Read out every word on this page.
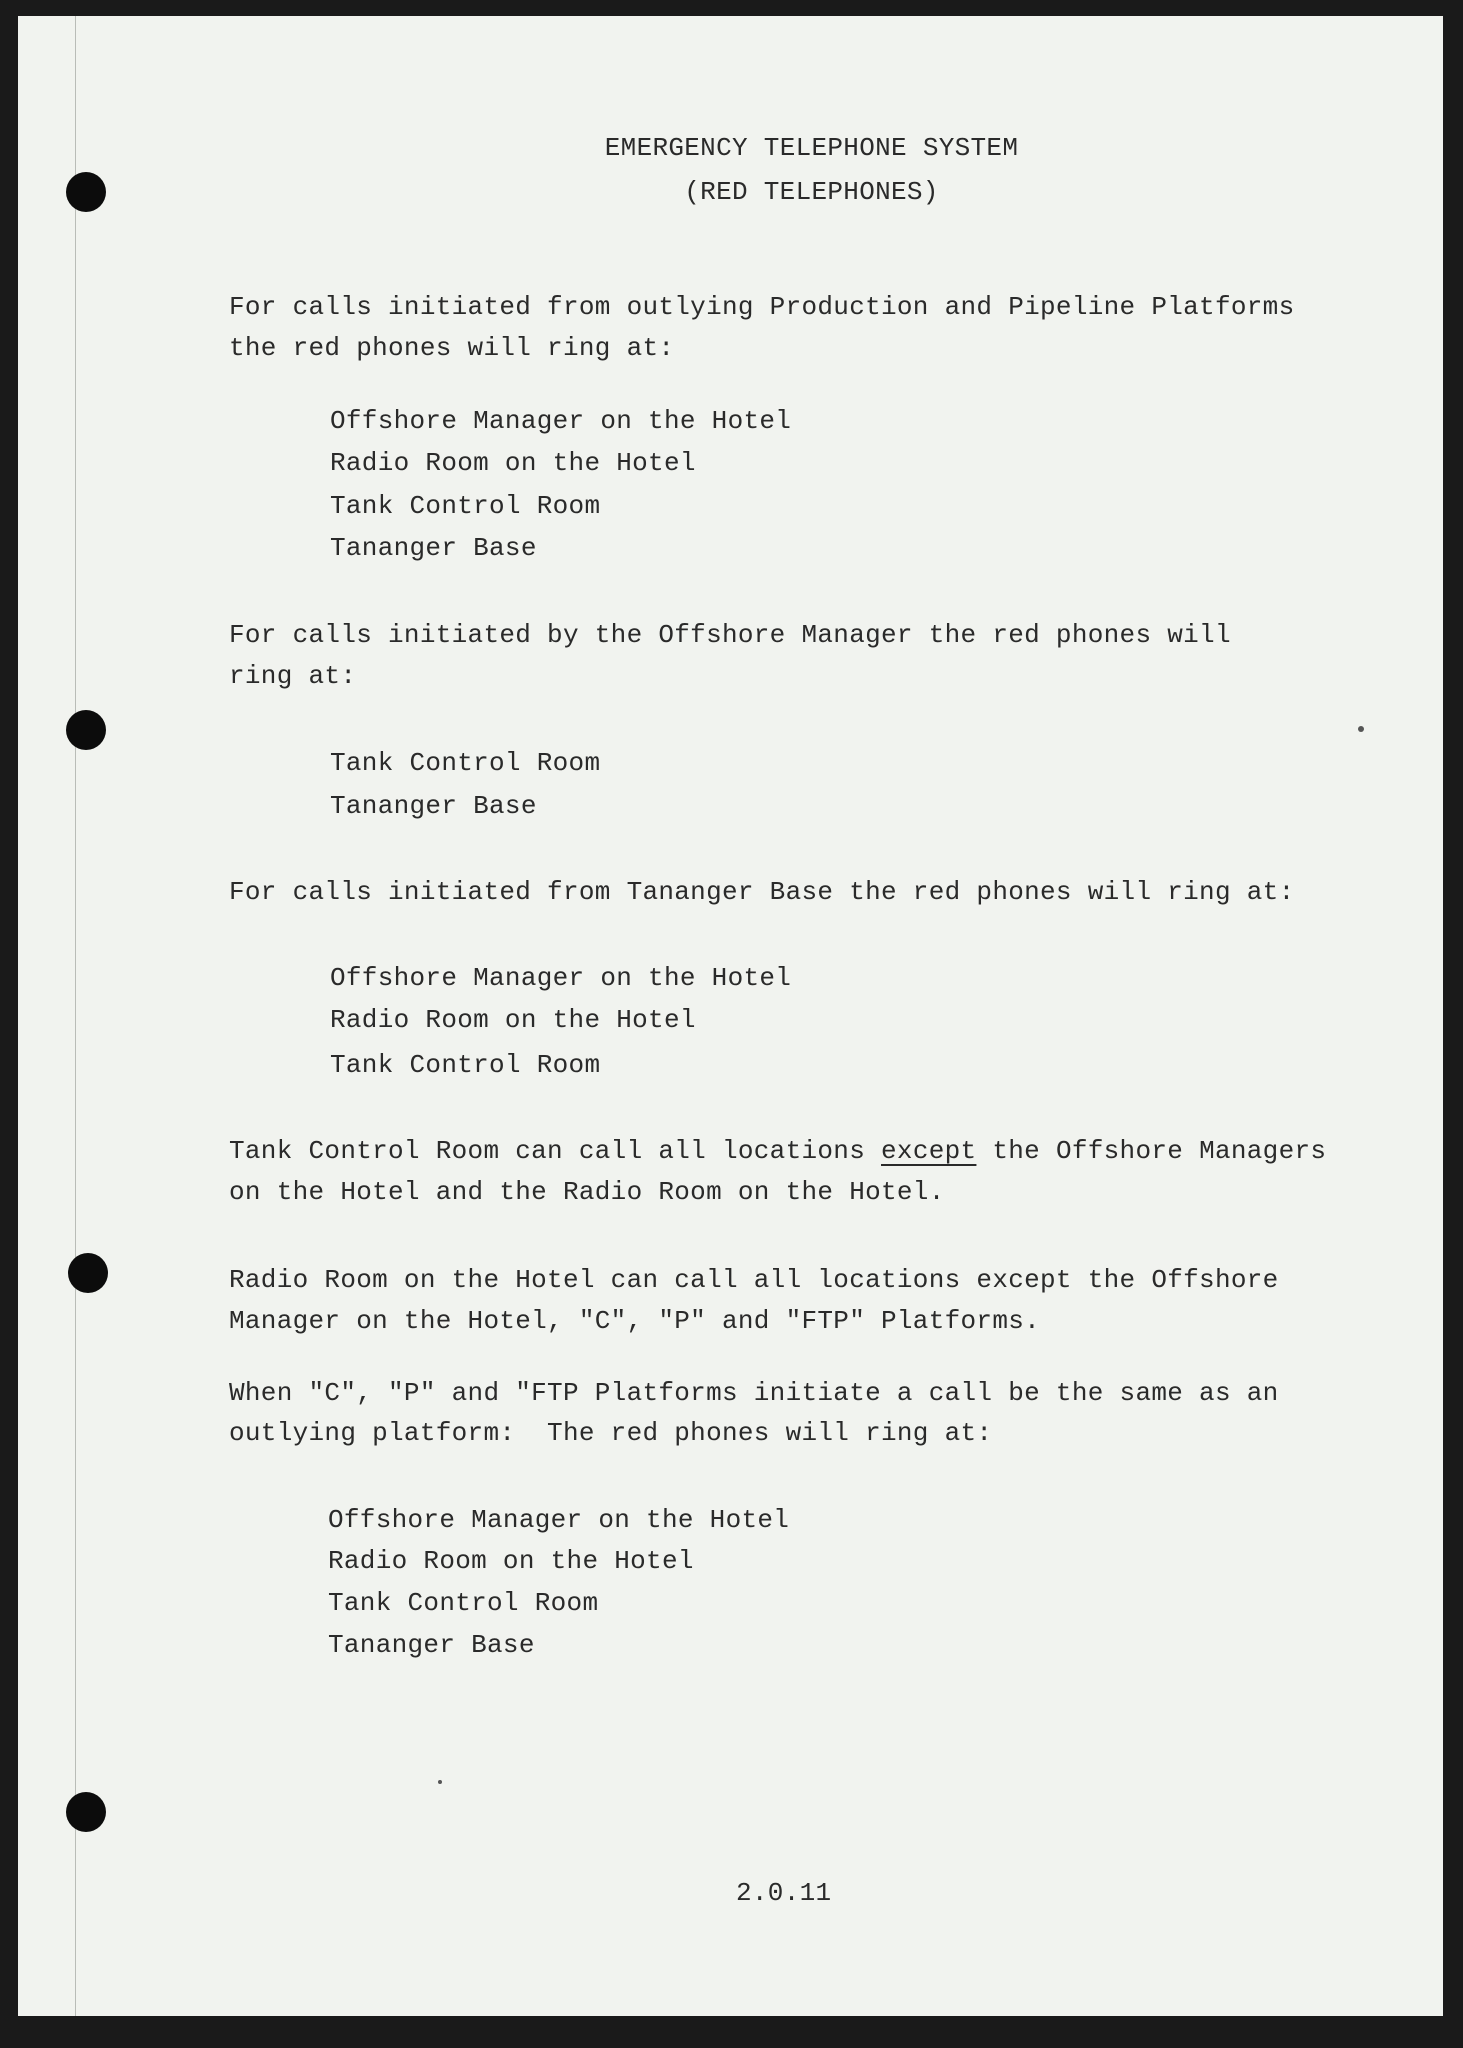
EMERGENCY TELEPHONE SYSTEM
(RED TELEPHONES)
For calls initiated from outlying Production and Pipeline Platforms
the red phones will ring at:
Offshore Manager on the Hotel
Radio Room on the Hotel
Tank Control Room
Tananger Base
For calls initiated by the Offshore Manager the red phones will
ring at:
Tank Control Room
Tananger Base
For calls initiated from Tananger Base the red phones will ring at:
Offshore Manager on the Hotel
Radio Room on the Hotel
Tank Control Room
Tank Control Room can call all locations except the Offshore Managers
on the Hotel and the Radio Room on the Hotel.
Radio Room on the Hotel can call all locations except the Offshore
Manager on the Hotel, "C", "P" and "FTP" Platforms.
When "C", "P" and "FTP Platforms initiate a call be the same as an
outlying platform:  The red phones will ring at:
Offshore Manager on the Hotel
Radio Room on the Hotel
Tank Control Room
Tananger Base
2.0.11
